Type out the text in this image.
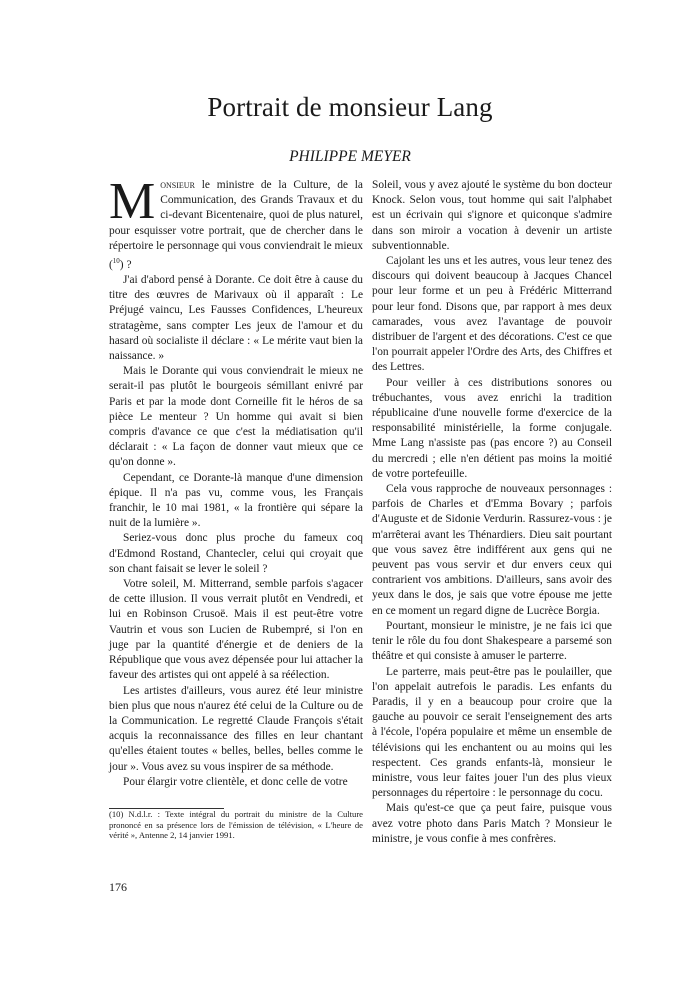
Portrait de monsieur Lang
PHILIPPE MEYER

Monsieur le ministre de la Culture, de la Communication, des Grands Travaux et du ci-devant Bicentenaire, quoi de plus naturel, pour esquisser votre portrait, que de chercher dans le répertoire le personnage qui vous conviendrait le mieux ($^{10}$) ?

J'ai d'abord pensé à Dorante. Ce doit être à cause du titre des œuvres de Marivaux où il apparaît : Le Préjugé vaincu, Les Fausses Confidences, L'heureux stratagème, sans compter Les jeux de l'amour et du hasard où socialiste il déclare : « Le mérite vaut bien la naissance. »

Mais le Dorante qui vous conviendrait le mieux ne serait-il pas plutôt le bourgeois sémillant enivré par Paris et par la mode dont Corneille fit le héros de sa pièce Le menteur ? Un homme qui avait si bien compris d'avance ce que c'est la médiatisation qu'il déclarait : « La façon de donner vaut mieux que ce qu'on donne ».

Cependant, ce Dorante-là manque d'une dimension épique. Il n'a pas vu, comme vous, les Français franchir, le 10 mai 1981, « la frontière qui sépare la nuit de la lumière ».

Seriez-vous donc plus proche du fameux coq d'Edmond Rostand, Chantecler, celui qui croyait que son chant faisait se lever le soleil ?

Votre soleil, M. Mitterrand, semble parfois s'agacer de cette illusion. Il vous verrait plutôt en Vendredi, et lui en Robinson Crusoë. Mais il est peut-être votre Vautrin et vous son Lucien de Rubempré, si l'on en juge par la quantité d'énergie et de deniers de la République que vous avez dépensée pour lui attacher la faveur des artistes qui ont appelé à sa réélection.

Les artistes d'ailleurs, vous aurez été leur ministre bien plus que nous n'aurez été celui de la Culture ou de la Communication. Le regretté Claude François s'était acquis la reconnaissance des filles en leur chantant qu'elles étaient toutes « belles, belles, belles comme le jour ». Vous avez su vous inspirer de sa méthode.

Pour élargir votre clientèle, et donc celle de votre

(10) N.d.l.r. : Texte intégral du portrait du ministre de la Culture prononcé en sa présence lors de l'émission de télévision, « L'heure de vérité », Antenne 2, 14 janvier 1991.

Soleil, vous y avez ajouté le système du bon docteur Knock. Selon vous, tout homme qui sait l'alphabet est un écrivain qui s'ignore et quiconque s'admire dans son miroir a vocation à devenir un artiste subventionnable.

Cajolant les uns et les autres, vous leur tenez des discours qui doivent beaucoup à Jacques Chancel pour leur forme et un peu à Frédéric Mitterrand pour leur fond. Disons que, par rapport à mes deux camarades, vous avez l'avantage de pouvoir distribuer de l'argent et des décorations. C'est ce que l'on pourrait appeler l'Ordre des Arts, des Chiffres et des Lettres.

Pour veiller à ces distributions sonores ou trébuchantes, vous avez enrichi la tradition républicaine d'une nouvelle forme d'exercice de la responsabilité ministérielle, la forme conjugale. Mme Lang n'assiste pas (pas encore ?) au Conseil du mercredi ; elle n'en détient pas moins la moitié de votre portefeuille.

Cela vous rapproche de nouveaux personnages : parfois de Charles et d'Emma Bovary ; parfois d'Auguste et de Sidonie Verdurin. Rassurez-vous : je m'arrêterai avant les Thénardiers. Dieu sait pourtant que vous savez être indifférent aux gens qui ne peuvent pas vous servir et dur envers ceux qui contrarient vos ambitions. D'ailleurs, sans avoir des yeux dans le dos, je sais que votre épouse me jette en ce moment un regard digne de Lucrèce Borgia.

Pourtant, monsieur le ministre, je ne fais ici que tenir le rôle du fou dont Shakespeare a parsemé son théâtre et qui consiste à amuser le parterre.

Le parterre, mais peut-être pas le poulailler, que l'on appelait autrefois le paradis. Les enfants du Paradis, il y en a beaucoup pour croire que la gauche au pouvoir ce serait l'enseignement des arts à l'école, l'opéra populaire et même un ensemble de télévisions qui les enchantent ou au moins qui les respectent. Ces grands enfants-là, monsieur le ministre, vous leur faites jouer l'un des plus vieux personnages du répertoire : le personnage du cocu.

Mais qu'est-ce que ça peut faire, puisque vous avez votre photo dans Paris Match ? Monsieur le ministre, je vous confie à mes confrères.

176
